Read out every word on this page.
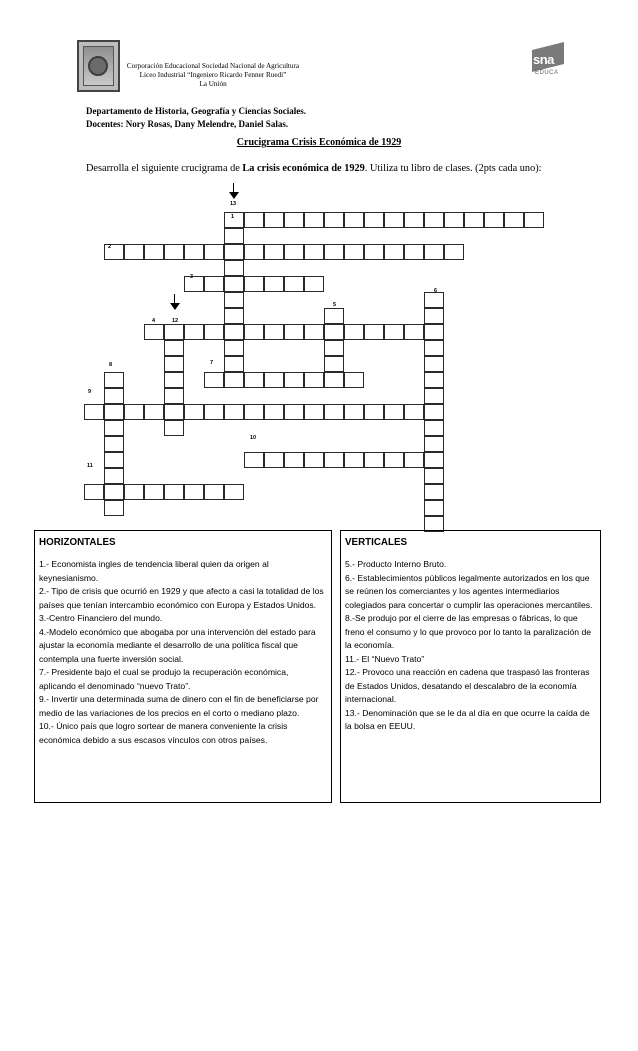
Corporación Educacional Sociedad Nacional de Agricultura
Liceo Industrial “Ingeniero Ricardo Fenner Ruedi”
La Unión
sna
EDUCA
Departamento de Historia, Geografía y Ciencias Sociales.
Docentes: Nory Rosas, Dany Melendre, Daniel Salas.
Crucigrama Crisis Económica de 1929
Desarrolla el siguiente crucigrama de La crisis económica de 1929. Utiliza tu libro de clases. (2pts cada uno):
13
1
2
3
6
5
4	12
8	7
9
10
11
HORIZONTALES

1.- Economista ingles de tendencia liberal quien da origen al keynesianismo.

2.- Tipo de crisis que ocurrió en 1929 y que afecto a casi la totalidad de los países que tenían intercambio económico con Europa y Estados Unidos.

3.-Centro Financiero del mundo.

4.-Modelo económico que abogaba por una intervención del estado para ajustar la economía mediante el desarrollo de una política fiscal que contempla una fuerte inversión social.

7.- Presidente bajo el cual se produjo la recuperación económica, aplicando el denominado “nuevo Trato”.

9.- Invertir una determinada suma de dinero con el fin de beneficiarse por medio de las variaciones de los precios en el corto o mediano plazo.

10.- Único país que logro sortear de manera conveniente la crisis económica debido a sus escasos vínculos con otros países.

VERTICALES

5.- Producto Interno Bruto.

6.- Establecimientos públicos legalmente autorizados en los que se reúnen los comerciantes y los agentes intermediarios colegiados para concertar o cumplir las operaciones mercantiles.

8.-Se produjo por el cierre de las empresas o fábricas, lo que freno el consumo y lo que provoco por lo tanto la paralización de la economía.

11.- El “Nuevo Trato”

12.- Provoco una reacción en cadena que traspasó las fronteras de Estados Unidos, desatando el descalabro de la economía internacional.

13.- Denominación que se le da al día en que ocurre la caída de la bolsa en EEUU.
